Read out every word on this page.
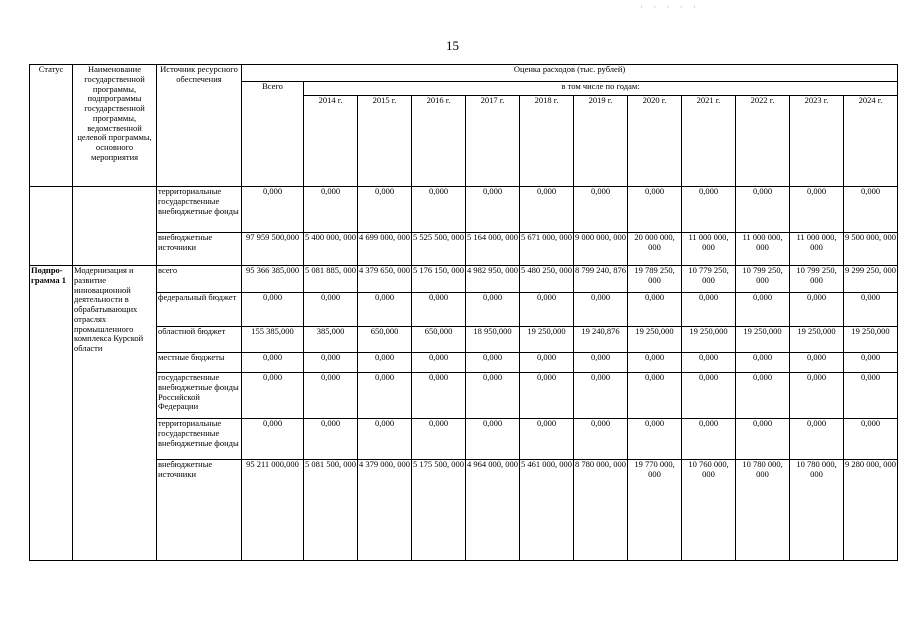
· · · · ·
15
Статус	Наименование государственной программы, подпрограммы государственной программы, ведомственной целевой программы, основного мероприятия	Источник ресурсного обеспечения	Оценка расходов (тыс. рублей)											
			Всего	в том числе по годам:										
				2014 г.	2015 г.	2016 г.	2017 г.	2018 г.	2019 г.	2020 г.	2021 г.	2022 г.	2023 г.	2024 г.
		территориальные государственные внебюджетные фонды	0,000	0,000	0,000	0,000	0,000	0,000	0,000	0,000	0,000	0,000	0,000	0,000
		внебюджетные источники	97 959 500,000	5 400 000, 000	4 699 000, 000	5 525 500, 000	5 164 000, 000	5 671 000, 000	9 000 000, 000	20 000 000, 000	11 000 000, 000	11 000 000, 000	11 000 000, 000	9 500 000, 000
Подпро-грамма 1	Модернизация и развитие инновационной деятельности в обрабатывающих отраслях промышленного комплекса Курской области	всего	95 366 385,000	5 081 885, 000	4 379 650, 000	5 176 150, 000	4 982 950, 000	5 480 250, 000	8 799 240, 876	19 789 250, 000	10 779 250, 000	10 799 250, 000	10 799 250, 000	9 299 250, 000
		федеральный бюджет	0,000	0,000	0,000	0,000	0,000	0,000	0,000	0,000	0,000	0,000	0,000	0,000
		областной бюджет	155 385,000	385,000	650,000	650,000	18 950,000	19 250,000	19 240,876	19 250,000	19 250,000	19 250,000	19 250,000	19 250,000
		местные бюджеты	0,000	0,000	0,000	0,000	0,000	0,000	0,000	0,000	0,000	0,000	0,000	0,000
		государственные внебюджетные фонды Российской Федерации	0,000	0,000	0,000	0,000	0,000	0,000	0,000	0,000	0,000	0,000	0,000	0,000
		территориальные государственные внебюджетные фонды	0,000	0,000	0,000	0,000	0,000	0,000	0,000	0,000	0,000	0,000	0,000	0,000
		внебюджетные источники	95 211 000,000	5 081 500, 000	4 379 000, 000	5 175 500, 000	4 964 000, 000	5 461 000, 000	8 780 000, 000	19 770 000, 000	10 760 000, 000	10 780 000, 000	10 780 000, 000	9 280 000, 000
